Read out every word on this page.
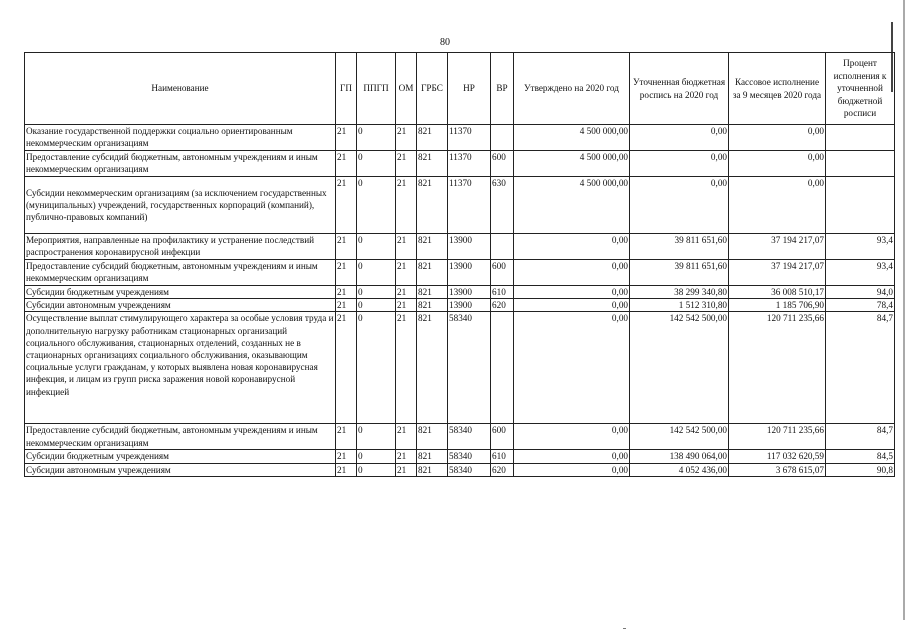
80
Наименование	ГП	ППГП	ОМ	ГРБС	НР	ВР	Утверждено на 2020 год	Уточненная бюджетная роспись на 2020 год	Кассовое исполнение за 9 месяцев 2020 года	Процент исполнения к уточненной бюджетной росписи
Оказание государственной поддержки социально ориентированным некоммерческим организациям	21	0	21	821	11370		4 500 000,00	0,00	0,00	
Предоставление субсидий бюджетным, автономным учреждениям и иным некоммерческим организациям	21	0	21	821	11370	600	4 500 000,00	0,00	0,00	
Субсидии некоммерческим организациям (за исключением государственных (муниципальных) учреждений, государственных корпораций (компаний), публично-правовых компаний)	21	0	21	821	11370	630	4 500 000,00	0,00	0,00	
Мероприятия, направленные на профилактику и устранение последствий распространения коронавирусной инфекции	21	0	21	821	13900		0,00	39 811 651,60	37 194 217,07	93,4
Предоставление субсидий бюджетным, автономным учреждениям и иным некоммерческим организациям	21	0	21	821	13900	600	0,00	39 811 651,60	37 194 217,07	93,4
Субсидии бюджетным учреждениям	21	0	21	821	13900	610	0,00	38 299 340,80	36 008 510,17	94,0
Субсидии автономным учреждениям	21	0	21	821	13900	620	0,00	1 512 310,80	1 185 706,90	78,4
Осуществление выплат стимулирующего характера за особые условия труда и дополнительную нагрузку работникам стационарных организаций социального обслуживания, стационарных отделений, созданных не в стационарных организациях социального обслуживания, оказывающим социальные услуги гражданам, у которых выявлена новая коронавирусная инфекция, и лицам из групп риска заражения новой коронавирусной инфекцией	21	0	21	821	58340		0,00	142 542 500,00	120 711 235,66	84,7
Предоставление субсидий бюджетным, автономным учреждениям и иным некоммерческим организациям	21	0	21	821	58340	600	0,00	142 542 500,00	120 711 235,66	84,7
Субсидии бюджетным учреждениям	21	0	21	821	58340	610	0,00	138 490 064,00	117 032 620,59	84,5
Субсидии автономным учреждениям	21	0	21	821	58340	620	0,00	4 052 436,00	3 678 615,07	90,8
